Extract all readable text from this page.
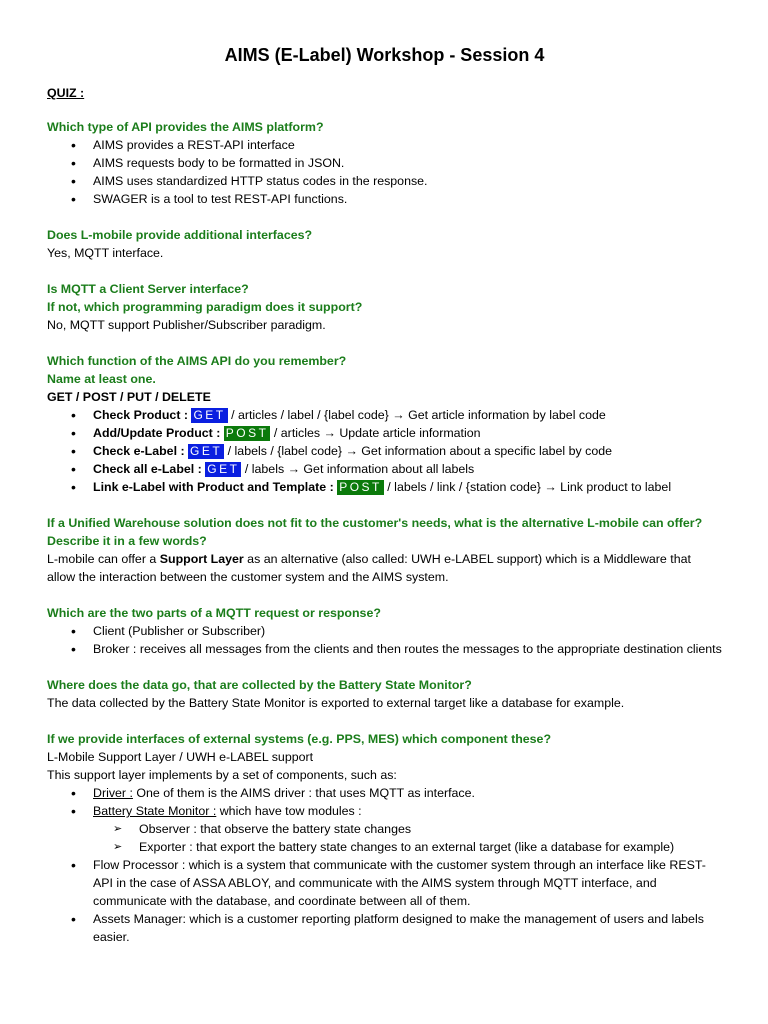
AIMS (E-Label) Workshop - Session 4

QUIZ :

Which type of API provides the AIMS platform?

• AIMS provides a REST-API interface
• AIMS requests body to be formatted in JSON.
• AIMS uses standardized HTTP status codes in the response.
• SWAGER is a tool to test REST-API functions.

Does L-mobile provide additional interfaces?

Yes, MQTT interface.

Is MQTT a Client Server interface?

If not, which programming paradigm does it support?

No, MQTT support Publisher/Subscriber paradigm.

Which function of the AIMS API do you remember?

Name at least one.

GET / POST / PUT / DELETE

• Check Product : GET / articles / label / {label code} → Get article information by label code
• Add/Update Product : POST / articles → Update article information
• Check e-Label : GET / labels / {label code} → Get information about a specific label by code
• Check all e-Label : GET / labels → Get information about all labels
• Link e-Label with Product and Template : POST / labels / link / {station code} → Link product to label

If a Unified Warehouse solution does not fit to the customer's needs, what is the alternative L-mobile can offer?

Describe it in a few words?

L-mobile can offer a Support Layer as an alternative (also called: UWH e-LABEL support) which is a Middleware that allow the interaction between the customer system and the AIMS system.

Which are the two parts of a MQTT request or response?

• Client (Publisher or Subscriber)
• Broker : receives all messages from the clients and then routes the messages to the appropriate destination clients

Where does the data go, that are collected by the Battery State Monitor?

The data collected by the Battery State Monitor is exported to external target like a database for example.

If we provide interfaces of external systems (e.g. PPS, MES) which component these?

L-Mobile Support Layer / UWH e-LABEL support

This support layer implements by a set of components, such as:

• Driver : One of them is the AIMS driver : that uses MQTT as interface.
• Battery State Monitor : which have tow modules :
➢ Observer : that observe the battery state changes
➢ Exporter : that export the battery state changes to an external target (like a database for example)
• Flow Processor : which is a system that communicate with the customer system through an interface like REST-API in the case of ASSA ABLOY, and communicate with the AIMS system through MQTT interface, and communicate with the database, and coordinate between all of them.
• Assets Manager: which is a customer reporting platform designed to make the management of users and labels easier.
